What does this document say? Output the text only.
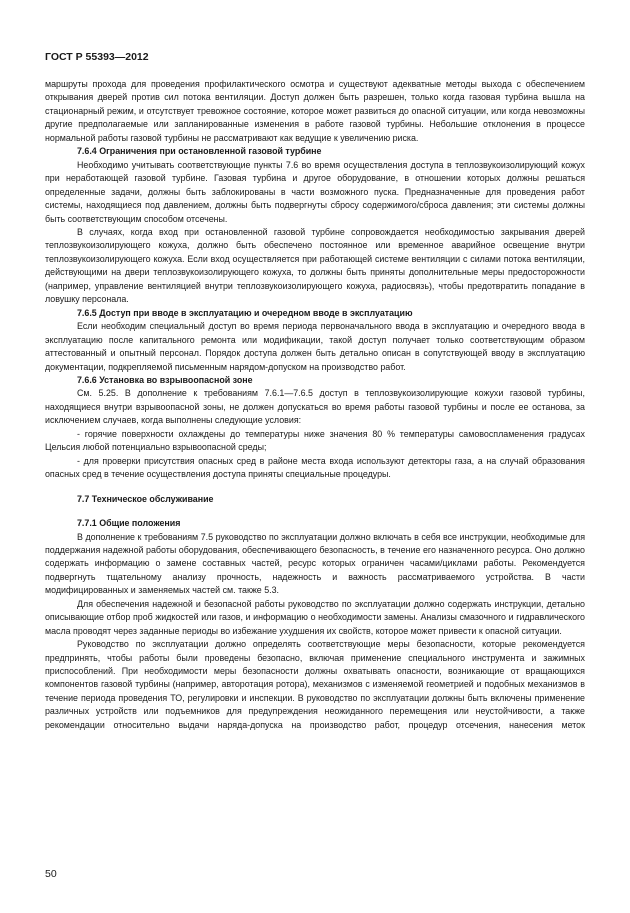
ГОСТ Р 55393—2012

маршруты прохода для проведения профилактического осмотра и существуют адекватные методы выхода с обеспечением открывания дверей против сил потока вентиляции. Доступ должен быть разрешен, только когда газовая турбина вышла на стационарный режим, и отсутствует тревожное состояние, которое может развиться до опасной ситуации, или когда невозможны другие предполагаемые или запланированные изменения в работе газовой турбины. Небольшие отклонения в процессе нормальной работы газовой турбины не рассматривают как ведущие к увеличению риска.

7.6.4 Ограничения при остановленной газовой турбине

Необходимо учитывать соответствующие пункты 7.6 во время осуществления доступа в теплозвукоизолирующий кожух при неработающей газовой турбине. Газовая турбина и другое оборудование, в отношении которых должны решаться определенные задачи, должны быть заблокированы в части возможного пуска. Предназначенные для проведения работ системы, находящиеся под давлением, должны быть подвергнуты сбросу содержимого/сброса давления; эти системы должны быть соответствующим способом отсечены.

В случаях, когда вход при остановленной газовой турбине сопровождается необходимостью закрывания дверей теплозвукоизолирующего кожуха, должно быть обеспечено постоянное или временное аварийное освещение внутри теплозвукоизолирующего кожуха. Если вход осуществляется при работающей системе вентиляции с силами потока вентиляции, действующими на двери теплозвукоизолирующего кожуха, то должны быть приняты дополнительные меры предосторожности (например, управление вентиляцией внутри теплозвукоизолирующего кожуха, радиосвязь), чтобы предотвратить попадание в ловушку персонала.

7.6.5 Доступ при вводе в эксплуатацию и очередном вводе в эксплуатацию

Если необходим специальный доступ во время периода первоначального ввода в эксплуатацию и очередного ввода в эксплуатацию после капитального ремонта или модификации, такой доступ получает только соответствующим образом аттестованный и опытный персонал. Порядок доступа должен быть детально описан в сопутствующей вводу в эксплуатацию документации, подкрепляемой письменным нарядом-допуском на производство работ.

7.6.6 Установка во взрывоопасной зоне

См. 5.25. В дополнение к требованиям 7.6.1—7.6.5 доступ в теплозвукоизолирующие кожухи газовой турбины, находящиеся внутри взрывоопасной зоны, не должен допускаться во время работы газовой турбины и после ее останова, за исключением случаев, когда выполнены следующие условия:

- горячие поверхности охлаждены до температуры ниже значения 80 % температуры самовоспламенения градусах Цельсия любой потенциально взрывоопасной среды;

- для проверки присутствия опасных сред в районе места входа используют детекторы газа, а на случай образования опасных сред в течение осуществления доступа приняты специальные процедуры.

7.7 Техническое обслуживание
7.7.1 Общие положения

В дополнение к требованиям 7.5 руководство по эксплуатации должно включать в себя все инструкции, необходимые для поддержания надежной работы оборудования, обеспечивающего безопасность, в течение его назначенного ресурса. Оно должно содержать информацию о замене составных частей, ресурс которых ограничен часами/циклами работы. Рекомендуется подвергнуть тщательному анализу прочность, надежность и важность рассматриваемого устройства. В части модифицированных и заменяемых частей см. также 5.3.

Для обеспечения надежной и безопасной работы руководство по эксплуатации должно содержать инструкции, детально описывающие отбор проб жидкостей или газов, и информацию о необходимости замены. Анализы смазочного и гидравлического масла проводят через заданные периоды во избежание ухудшения их свойств, которое может привести к опасной ситуации.

Руководство по эксплуатации должно определять соответствующие меры безопасности, которые рекомендуется предпринять, чтобы работы были проведены безопасно, включая применение специального инструмента и зажимных приспособлений. При необходимости меры безопасности должны охватывать опасности, возникающие от вращающихся компонентов газовой турбины (например, авторотация ротора), механизмов с изменяемой геометрией и подобных механизмов в течение периода проведения ТО, регулировки и инспекции. В руководство по эксплуатации должны быть включены применение различных устройств или подъемников для предупреждения неожиданного перемещения или неустойчивости, а также рекомендации относительно выдачи наряда-допуска на производство работ, процедур отсечения, нанесения меток

50
